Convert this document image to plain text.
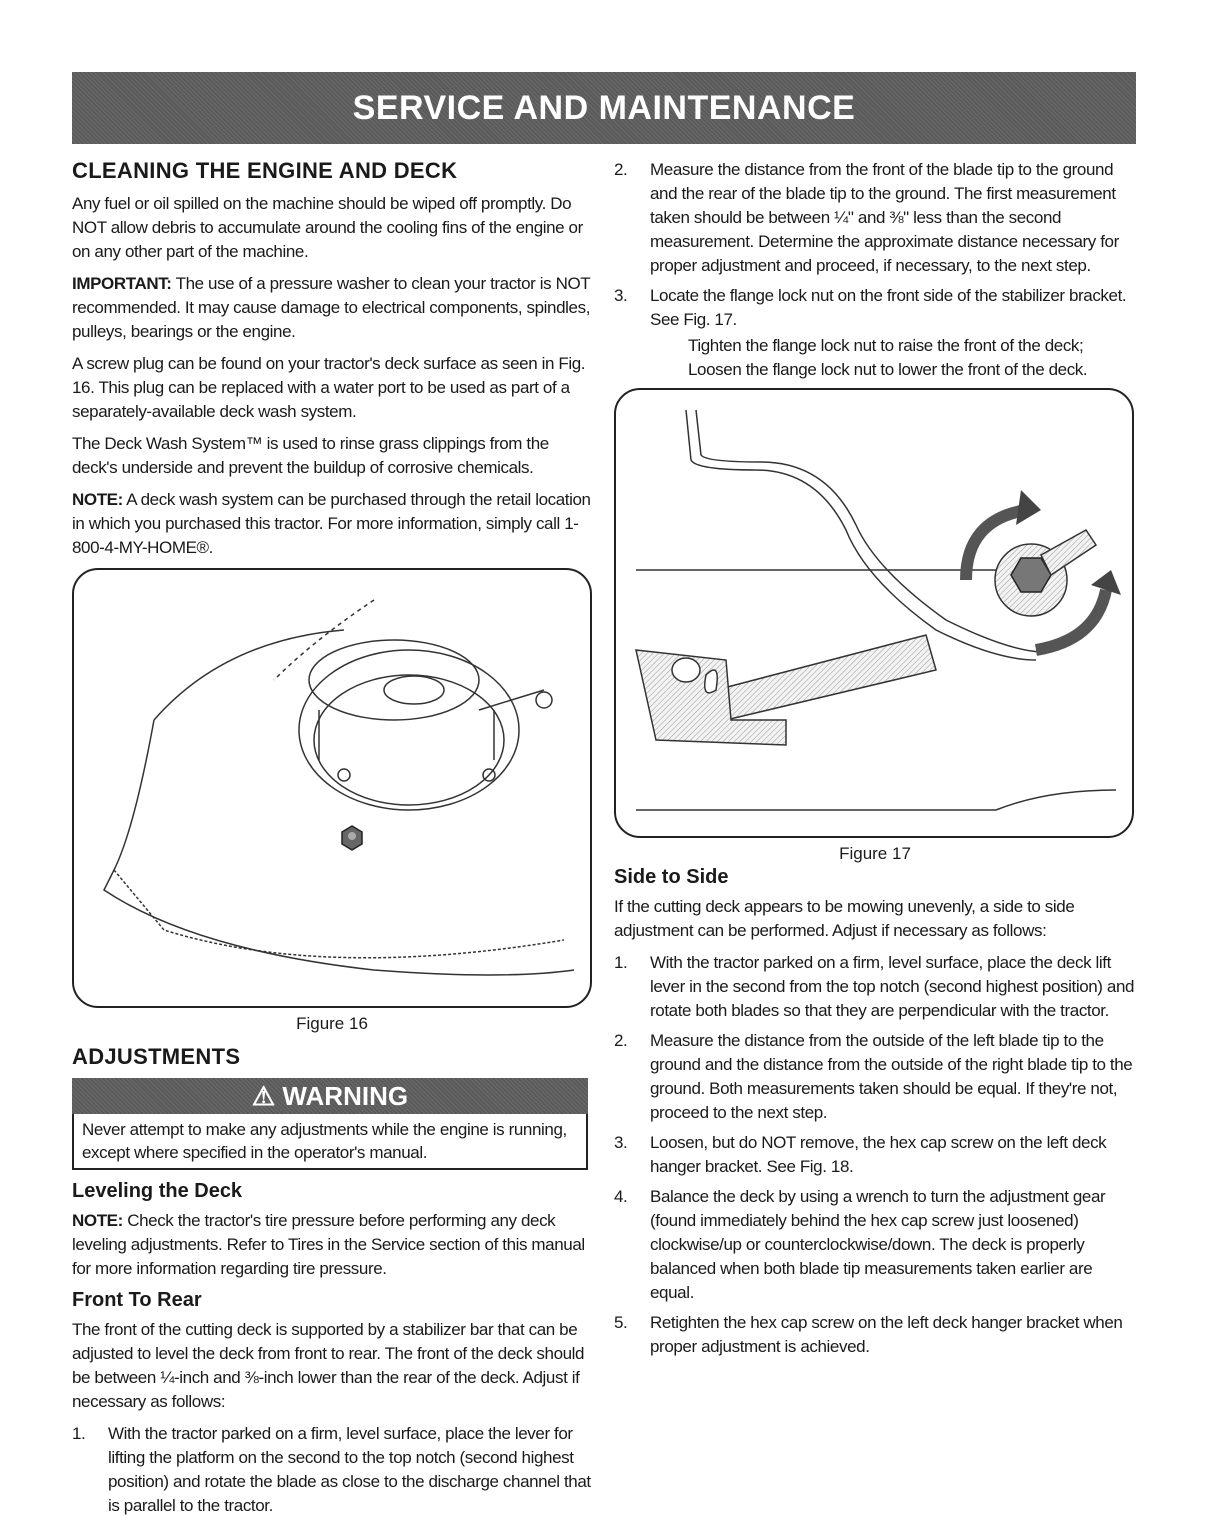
SERVICE AND MAINTENANCE
CLEANING THE ENGINE AND DECK

Any fuel or oil spilled on the machine should be wiped off promptly. Do NOT allow debris to accumulate around the cooling fins of the engine or on any other part of the machine.

IMPORTANT: The use of a pressure washer to clean your tractor is NOT recommended. It may cause damage to electrical components, spindles, pulleys, bearings or the engine.

A screw plug can be found on your tractor's deck surface as seen in Fig. 16. This plug can be replaced with a water port to be used as part of a separately-available deck wash system.

The Deck Wash System™ is used to rinse grass clippings from the deck's underside and prevent the buildup of corrosive chemicals.

NOTE: A deck wash system can be purchased through the retail location in which you purchased this tractor. For more information, simply call 1-800-4-MY-HOME®.

Figure 16
ADJUSTMENTS
⚠ WARNING
Never attempt to make any adjustments while the engine is running, except where specified in the operator's manual.
Leveling the Deck

NOTE: Check the tractor's tire pressure before performing any deck leveling adjustments. Refer to Tires in the Service section of this manual for more information regarding tire pressure.

Front To Rear

The front of the cutting deck is supported by a stabilizer bar that can be adjusted to level the deck from front to rear. The front of the deck should be between ¼-inch and ⅜-inch lower than the rear of the deck. Adjust if necessary as follows:

1. With the tractor parked on a firm, level surface, place the lever for lifting the platform on the second to the top notch (second highest position) and rotate the blade as close to the discharge channel that is parallel to the tractor.
2. Measure the distance from the front of the blade tip to the ground and the rear of the blade tip to the ground. The first measurement taken should be between ¼" and ⅜" less than the second measurement. Determine the approximate distance necessary for proper adjustment and proceed, if necessary, to the next step.
3. Locate the flange lock nut on the front side of the stabilizer bracket. See Fig. 17.
Tighten the flange lock nut to raise the front of the deck;
Loosen the flange lock nut to lower the front of the deck.
Figure 17
Side to Side

If the cutting deck appears to be mowing unevenly, a side to side adjustment can be performed. Adjust if necessary as follows:

1. With the tractor parked on a firm, level surface, place the deck lift lever in the second from the top notch (second highest position) and rotate both blades so that they are perpendicular with the tractor.
2. Measure the distance from the outside of the left blade tip to the ground and the distance from the outside of the right blade tip to the ground. Both measurements taken should be equal. If they're not, proceed to the next step.
3. Loosen, but do NOT remove, the hex cap screw on the left deck hanger bracket. See Fig. 18.
4. Balance the deck by using a wrench to turn the adjustment gear (found immediately behind the hex cap screw just loosened) clockwise/up or counterclockwise/down. The deck is properly balanced when both blade tip measurements taken earlier are equal.
5. Retighten the hex cap screw on the left deck hanger bracket when proper adjustment is achieved.
